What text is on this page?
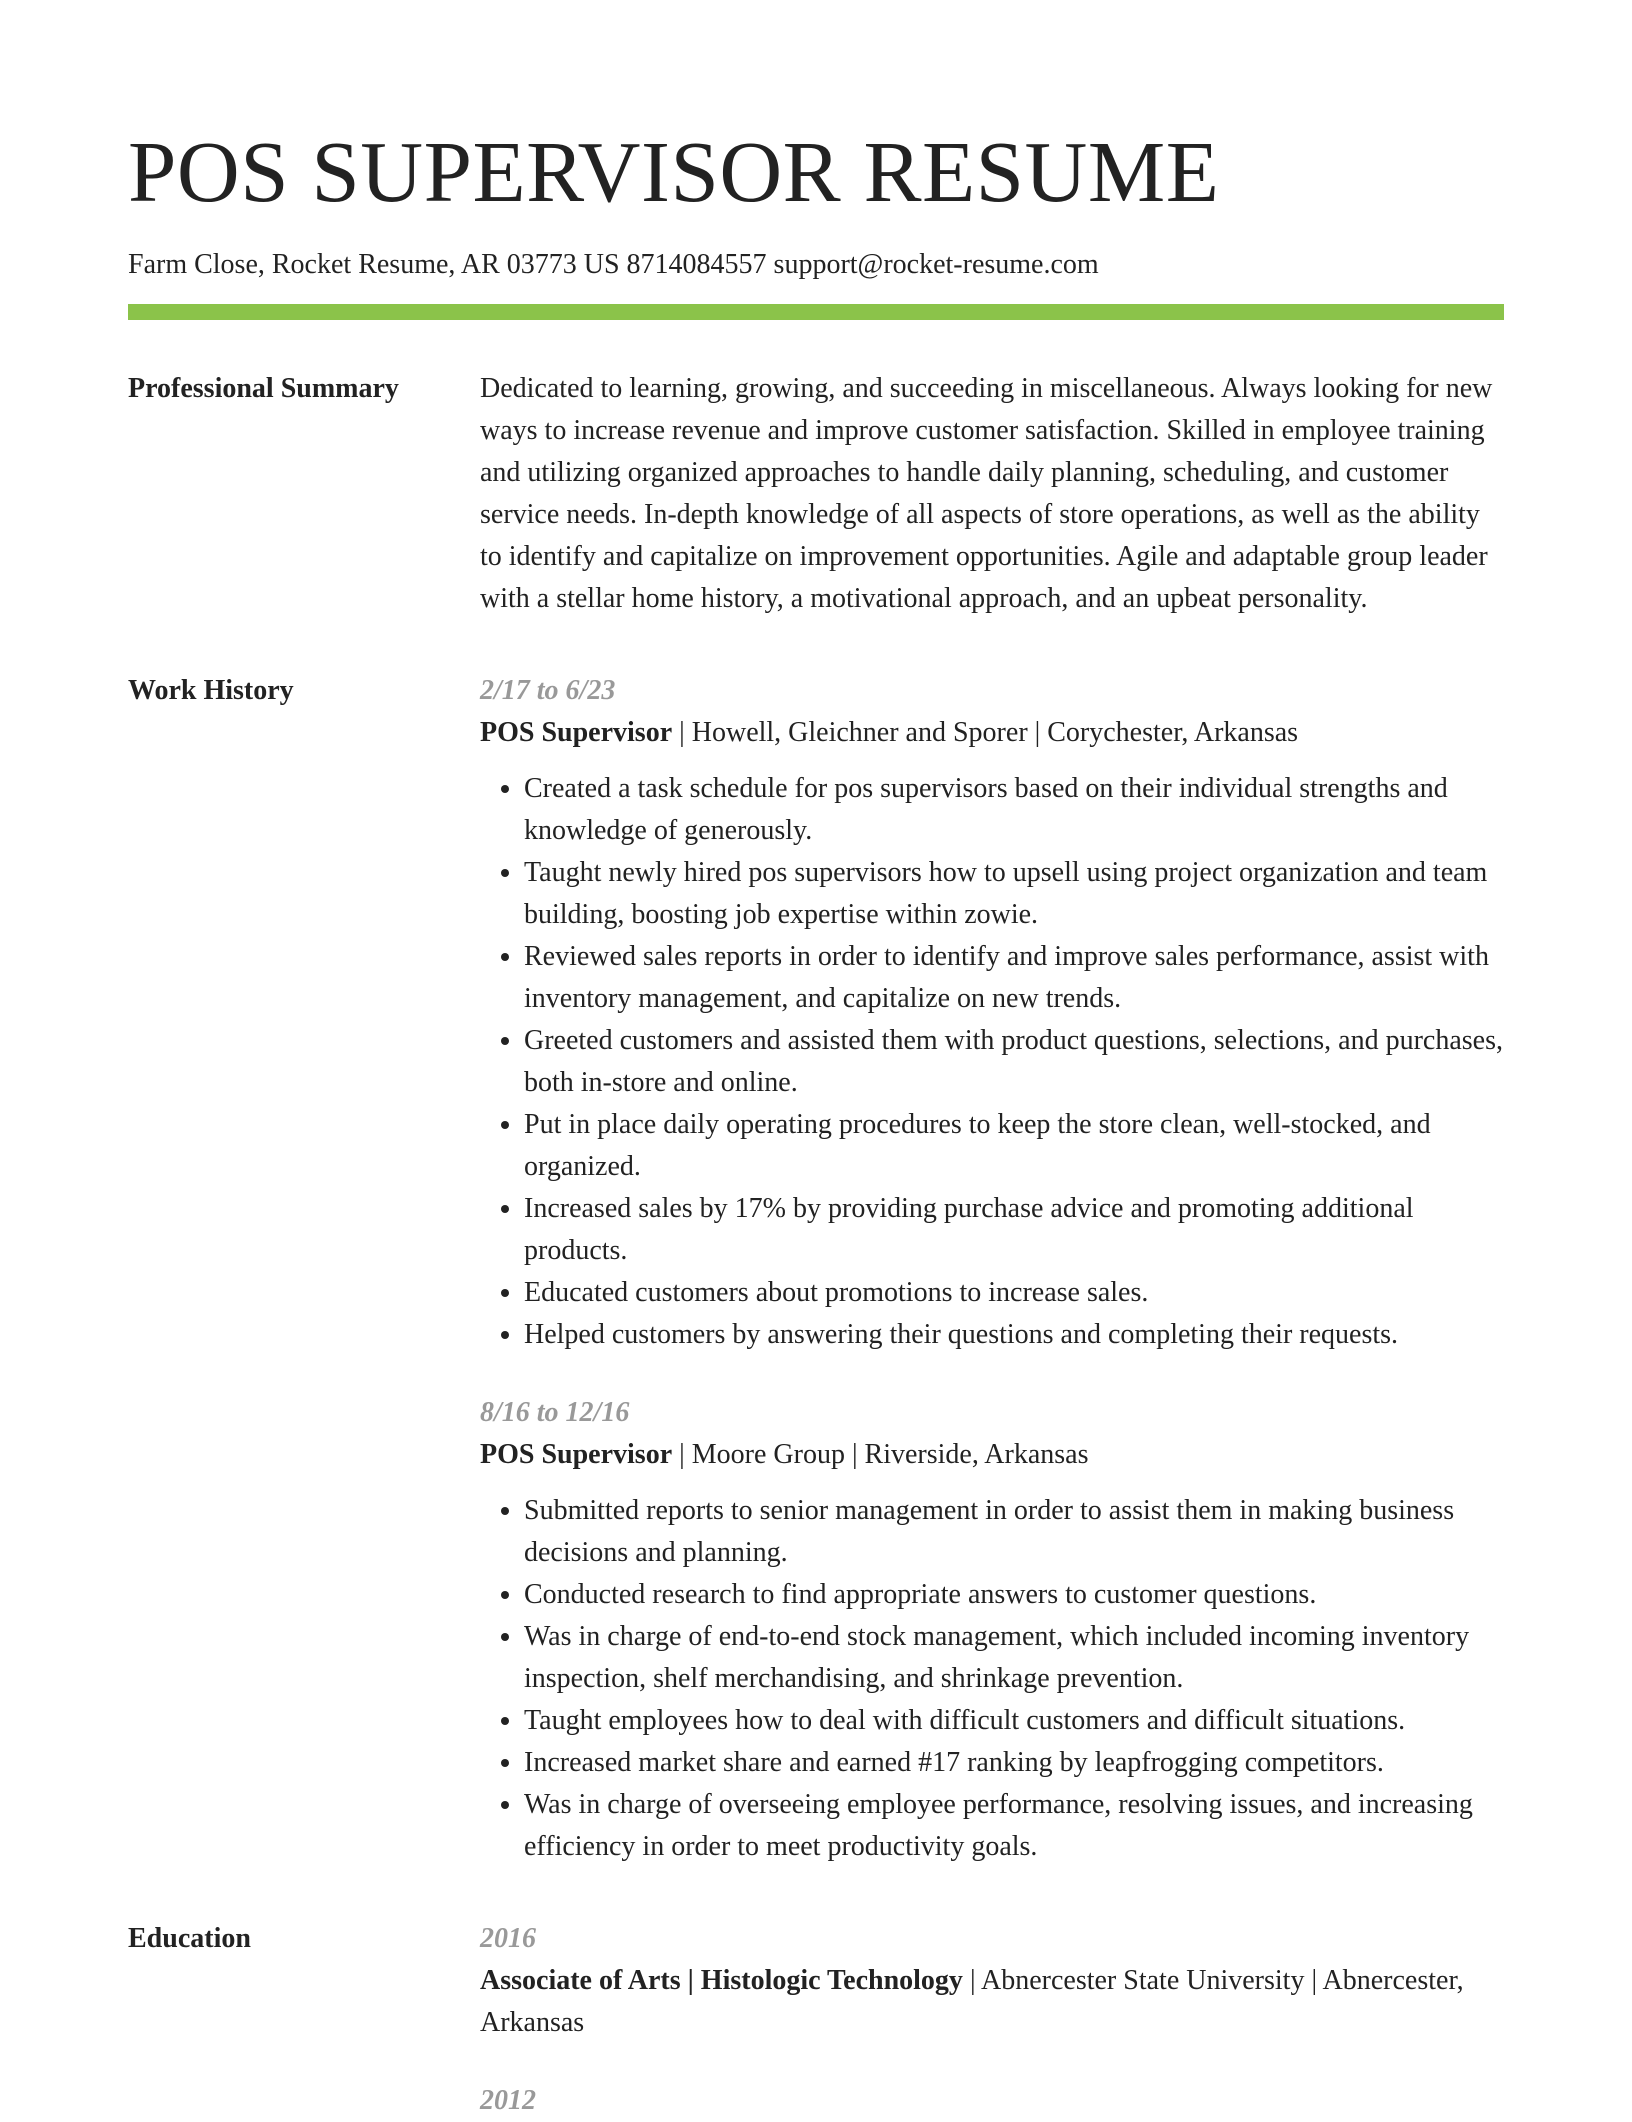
POS SUPERVISOR RESUME
Farm Close, Rocket Resume, AR 03773 US 8714084557 support@rocket-resume.com
Professional Summary	Dedicated to learning, growing, and succeeding in miscellaneous. Always looking for new ways to increase revenue and improve customer satisfaction. Skilled in employee training and utilizing organized approaches to handle daily planning, scheduling, and customer service needs. In-depth knowledge of all aspects of store operations, as well as the ability to identify and capitalize on improvement opportunities. Agile and adaptable group leader with a stellar home history, a motivational approach, and an upbeat personality.

Work History	2/17 to 6/23
POS Supervisor | Howell, Gleichner and Sporer | Corychester, Arkansas
• Created a task schedule for pos supervisors based on their individual strengths and knowledge of generously.
• Taught newly hired pos supervisors how to upsell using project organization and team building, boosting job expertise within zowie.
• Reviewed sales reports in order to identify and improve sales performance, assist with inventory management, and capitalize on new trends.
• Greeted customers and assisted them with product questions, selections, and purchases, both in-store and online.
• Put in place daily operating procedures to keep the store clean, well-stocked, and organized.
• Increased sales by 17% by providing purchase advice and promoting additional products.
• Educated customers about promotions to increase sales.
• Helped customers by answering their questions and completing their requests.
8/16 to 12/16
POS Supervisor | Moore Group | Riverside, Arkansas
• Submitted reports to senior management in order to assist them in making business decisions and planning.
• Conducted research to find appropriate answers to customer questions.
• Was in charge of end-to-end stock management, which included incoming inventory inspection, shelf merchandising, and shrinkage prevention.
• Taught employees how to deal with difficult customers and difficult situations.
• Increased market share and earned #17 ranking by leapfrogging competitors.
• Was in charge of overseeing employee performance, resolving issues, and increasing efficiency in order to meet productivity goals.
Education	2016
Associate of Arts | Histologic Technology | Abnercester State University | Abnercester, Arkansas
2012
